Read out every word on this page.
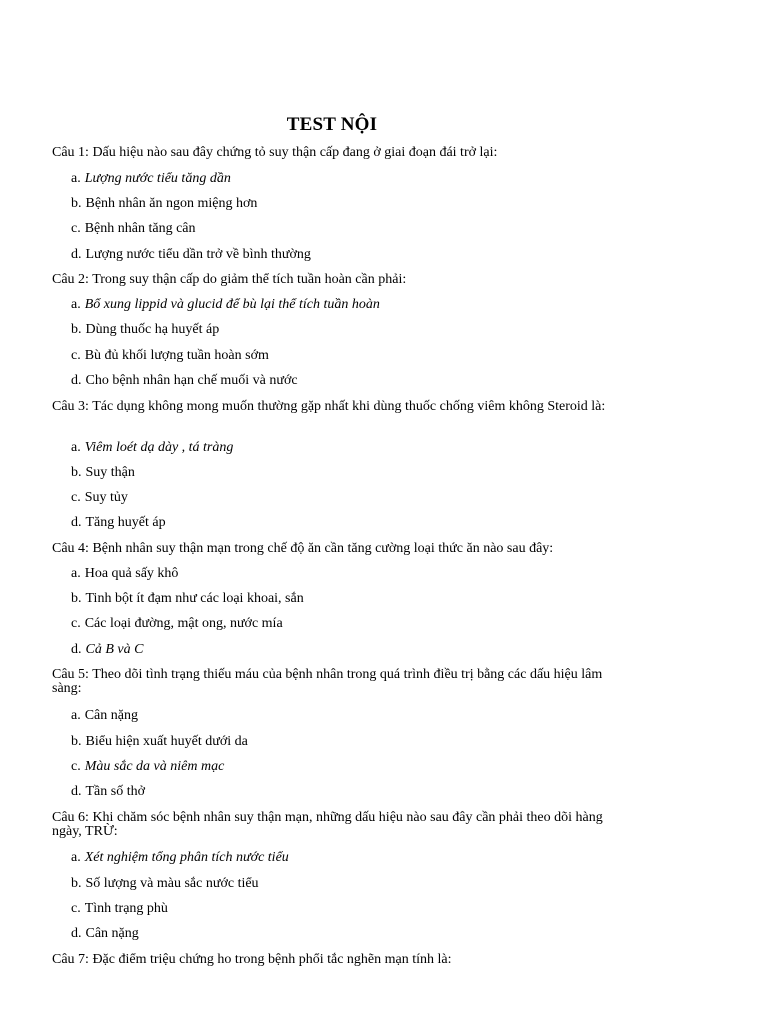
TEST NỘI
Câu 1: Dấu hiệu nào sau đây chứng tỏ suy thận cấp đang ở giai đoạn đái trở lại:
a. Lượng nước tiểu tăng dần
b. Bệnh nhân ăn ngon miệng hơn
c. Bệnh nhân tăng cân
d. Lượng nước tiểu dần trở về bình thường
Câu 2: Trong suy thận cấp do giảm thể tích tuần hoàn cần phải:
a. Bổ xung lippid và glucid để bù lại thể tích tuần hoàn
b. Dùng thuốc hạ huyết áp
c. Bù đủ khối lượng tuần hoàn sớm
d. Cho bệnh nhân hạn chế muối và nước
Câu 3: Tác dụng không mong muốn thường gặp nhất khi dùng thuốc chống viêm không Steroid là:
a. Viêm loét dạ dày , tá tràng
b. Suy thận
c. Suy tủy
d. Tăng huyết áp
Câu 4: Bệnh nhân suy thận mạn trong chế độ ăn cần tăng cường loại thức ăn nào sau đây:
a. Hoa quả sấy khô
b. Tinh bột ít đạm như các loại khoai, sắn
c. Các loại đường, mật ong, nước mía
d. Cả B và C
Câu 5: Theo dõi tình trạng thiếu máu của bệnh nhân trong quá trình điều trị bằng các dấu hiệu lâm sàng:
a. Cân nặng
b. Biểu hiện xuất huyết dưới da
c. Màu sắc da và niêm mạc
d. Tần số thở
Câu 6: Khi chăm sóc bệnh nhân suy thận mạn, những dấu hiệu nào sau đây cần phải theo dõi hàng ngày, TRỪ:
a. Xét nghiệm tổng phân tích nước tiểu
b. Số lượng và màu sắc nước tiểu
c. Tình trạng phù
d. Cân nặng
Câu 7: Đặc điểm triệu chứng ho trong bệnh phổi tắc nghẽn mạn tính là:
